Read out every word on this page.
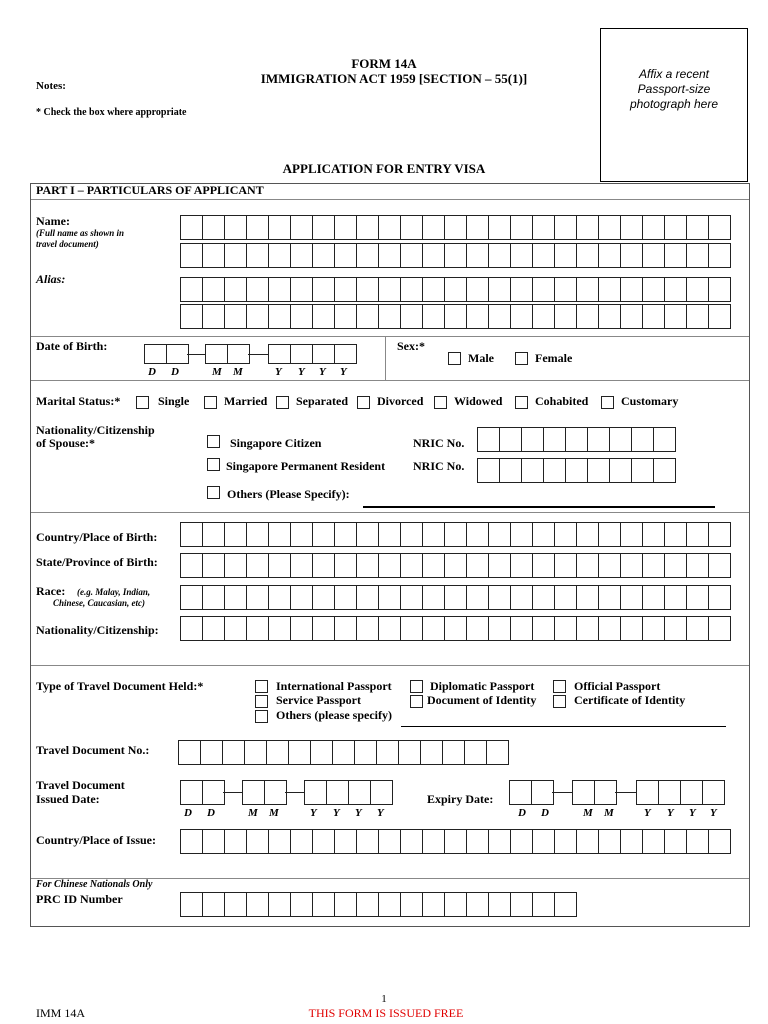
FORM 14A
IMMIGRATION ACT 1959 [SECTION – 55(1)]
Notes:
* Check the box where appropriate
APPLICATION FOR ENTRY VISA
Affix a recent
Passport-size
photograph here
PART I – PARTICULARS OF APPLICANT
Name:
(Full name as shown in
travel document)
Alias:
Date of Birth:
D D	M M	Y Y Y Y
Sex:*
Male	Female
Marital Status:*	Single	Married Separated Divorced	Widowed	Cohabited	Customary
Nationality/Citizenship
of Spouse:*	Singapore Citizen	NRIC No.
Singapore Permanent Resident NRIC No.
Others (Please Specify):
Country/Place of Birth:
State/Province of Birth:
Race: (e.g. Malay, Indian,
Chinese, Caucasian, etc)
Nationality/Citizenship:
Type of Travel Document Held:*	International Passport
Service Passport
Others (please specify)
Diplomatic Passport
Document of Identity
Official Passport
Certificate of Identity
Travel Document No.:
Travel Document
Issued Date:
D D	M M	Y Y Y Y
Expiry Date:
D D	M M	Y Y Y Y
Country/Place of Issue:
For Chinese Nationals Only
PRC ID Number
1
IMM 14A	THIS FORM IS ISSUED FREE
